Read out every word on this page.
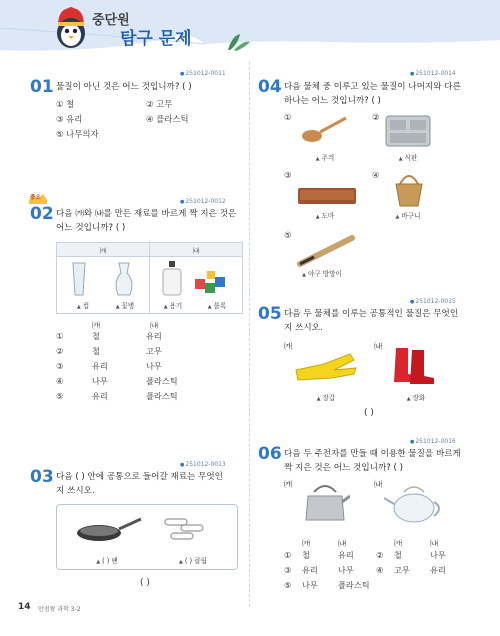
중단원
탐구 문제
● 251012-0011
01 물질이 아닌 것은 어느 것입니까? ( )
① 철	② 고무
③ 유리	④ 플라스틱
⑤ 나무의자
중요
●	251012-0012
02 다음 ㈎와 ㈏를 만든 재료를 바르게 짝 지은 것은
어느 것입니까? ( )
㈎	㈏
▲ 컵	▲ 꽃병	▲ 용기	▲ 블록
㈎	㈏
①	철	유리
②	철	고무
③	유리	나무
④	나무	플라스틱
⑤	유리	플라스틱
● 251012-0013
03 다음 ( ) 안에 공통으로 들어갈 재료는 무엇인
지 쓰시오.
▲ ( ) 팬	▲ ( ) 클립
( )
● 251012-0014
04 다음 물체 중 이루고 있는 물질이 나머지와 다른
하나는 어느 것입니까? ( )
①
▲ 주걱
②
▲ 식판
③
▲ 도마
④
▲ 바구니
⑤
▲ 야구 방망이
● 251012-0015
05 다음 두 물체를 이루는 공통적인 물질은 무엇인
지 쓰시오.
㈎	㈏
▲ 장갑	▲ 장화
( )
● 251012-0016
06 다음 두 주전자를 만들 때 이용한 물질을 바르게
짝 지은 것은 어느 것입니까? ( )
㈎	㈏
㈎	㈏	㈎	㈏
① 철	유리	② 철	나무
③ 유리 나무	④ 고무 유리
⑤ 나무 플라스틱
14 만점왕 과학 3-2
